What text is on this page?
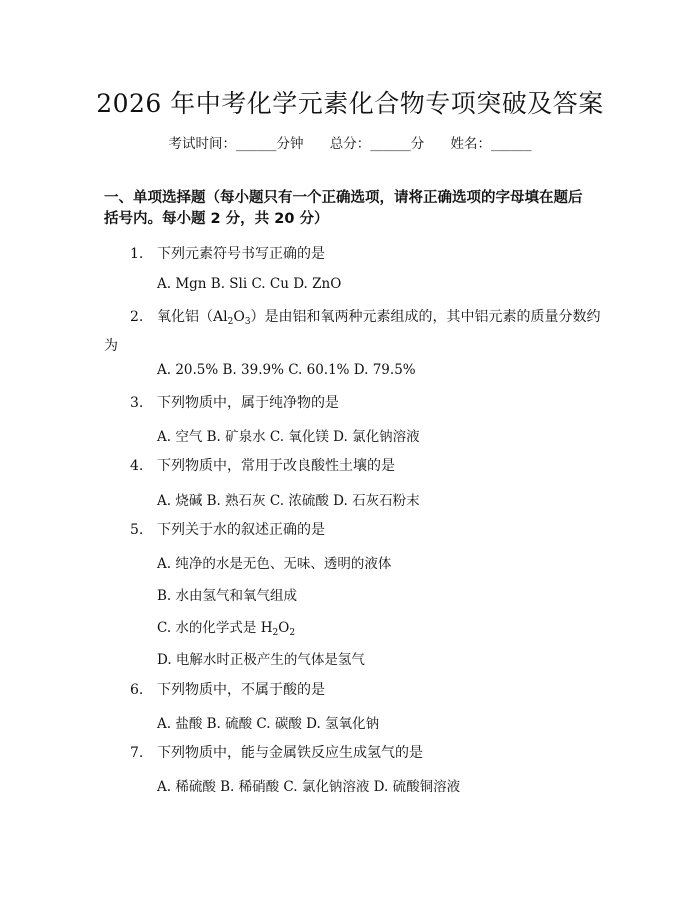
2026 年中考化学元素化合物专项突破及答案
考试时间：______分钟 总分：______分 姓名：______
一、单项选择题（每小题只有一个正确选项，请将正确选项的字母填在题后括号内。每小题 2 分，共 20 分）
1. 下列元素符号书写正确的是
A. Mgn B. Sli C. Cu D. ZnO
2. 氧化铝$(Al_2O_3)$是由铝和氧两种元素组成的，其中铝元素的质量分数约为
A. 20.5% B. 39.9% C. 60.1% D. 79.5%
3. 下列物质中，属于纯净物的是
A. 空气 B. 矿泉水 C. 氧化镁 D. 氯化钠溶液
4. 下列物质中，常用于改良酸性土壤的是
A. 烧碱 B. 熟石灰 C. 浓硫酸 D. 石灰石粉末
5. 下列关于水的叙述正确的是
A. 纯净的水是无色、无味、透明的液体
B. 水由氢气和氧气组成
C. 水的化学式是 $H_2O_2$
D. 电解水时正极产生的气体是氢气
6. 下列物质中，不属于酸的是
A. 盐酸 B. 硫酸 C. 碳酸 D. 氢氧化钠
7. 下列物质中，能与金属铁反应生成氢气的是
A. 稀硫酸 B. 稀硝酸 C. 氯化钠溶液 D. 硫酸铜溶液
